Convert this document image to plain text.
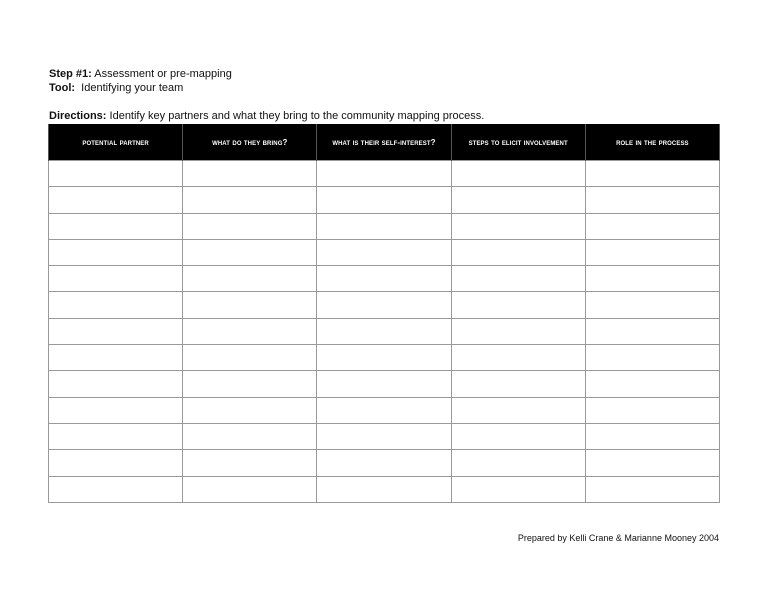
Step #1: Assessment or pre-mapping
Tool:  Identifying your team
Directions: Identify key partners and what they bring to the community mapping process.
potential partner	what do they bring?	what is their self-interest?	steps to elicit involvement	role in the process

Prepared by Kelli Crane & Marianne Mooney 2004
